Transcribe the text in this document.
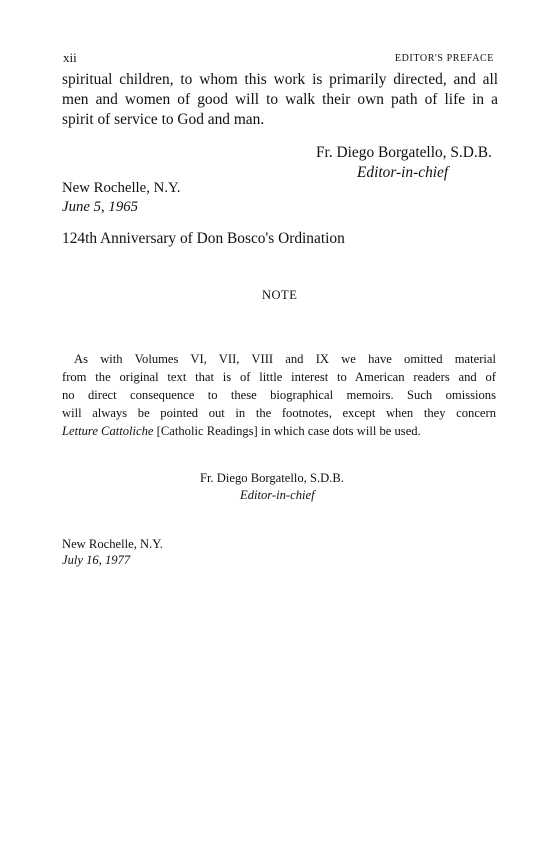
xii	EDITOR'S PREFACE
spiritual children, to whom this work is primarily directed, and all
men and women of good will to walk their own path of life in a
spirit of service to God and man.
Fr. Diego Borgatello, S.D.B.
Editor-in-chief
New Rochelle, N.Y.
June 5, 1965
124th Anniversary of Don Bosco's Ordination
NOTE
As with Volumes VI, VII, VIII and IX we have omitted material
from the original text that is of little interest to American readers and of
no direct consequence to these biographical memoirs. Such omissions
will always be pointed out in the footnotes, except when they concern
Letture Cattoliche [Catholic Readings] in which case dots will be used.
Fr. Diego Borgatello, S.D.B.
Editor-in-chief
New Rochelle, N.Y.
July 16, 1977
